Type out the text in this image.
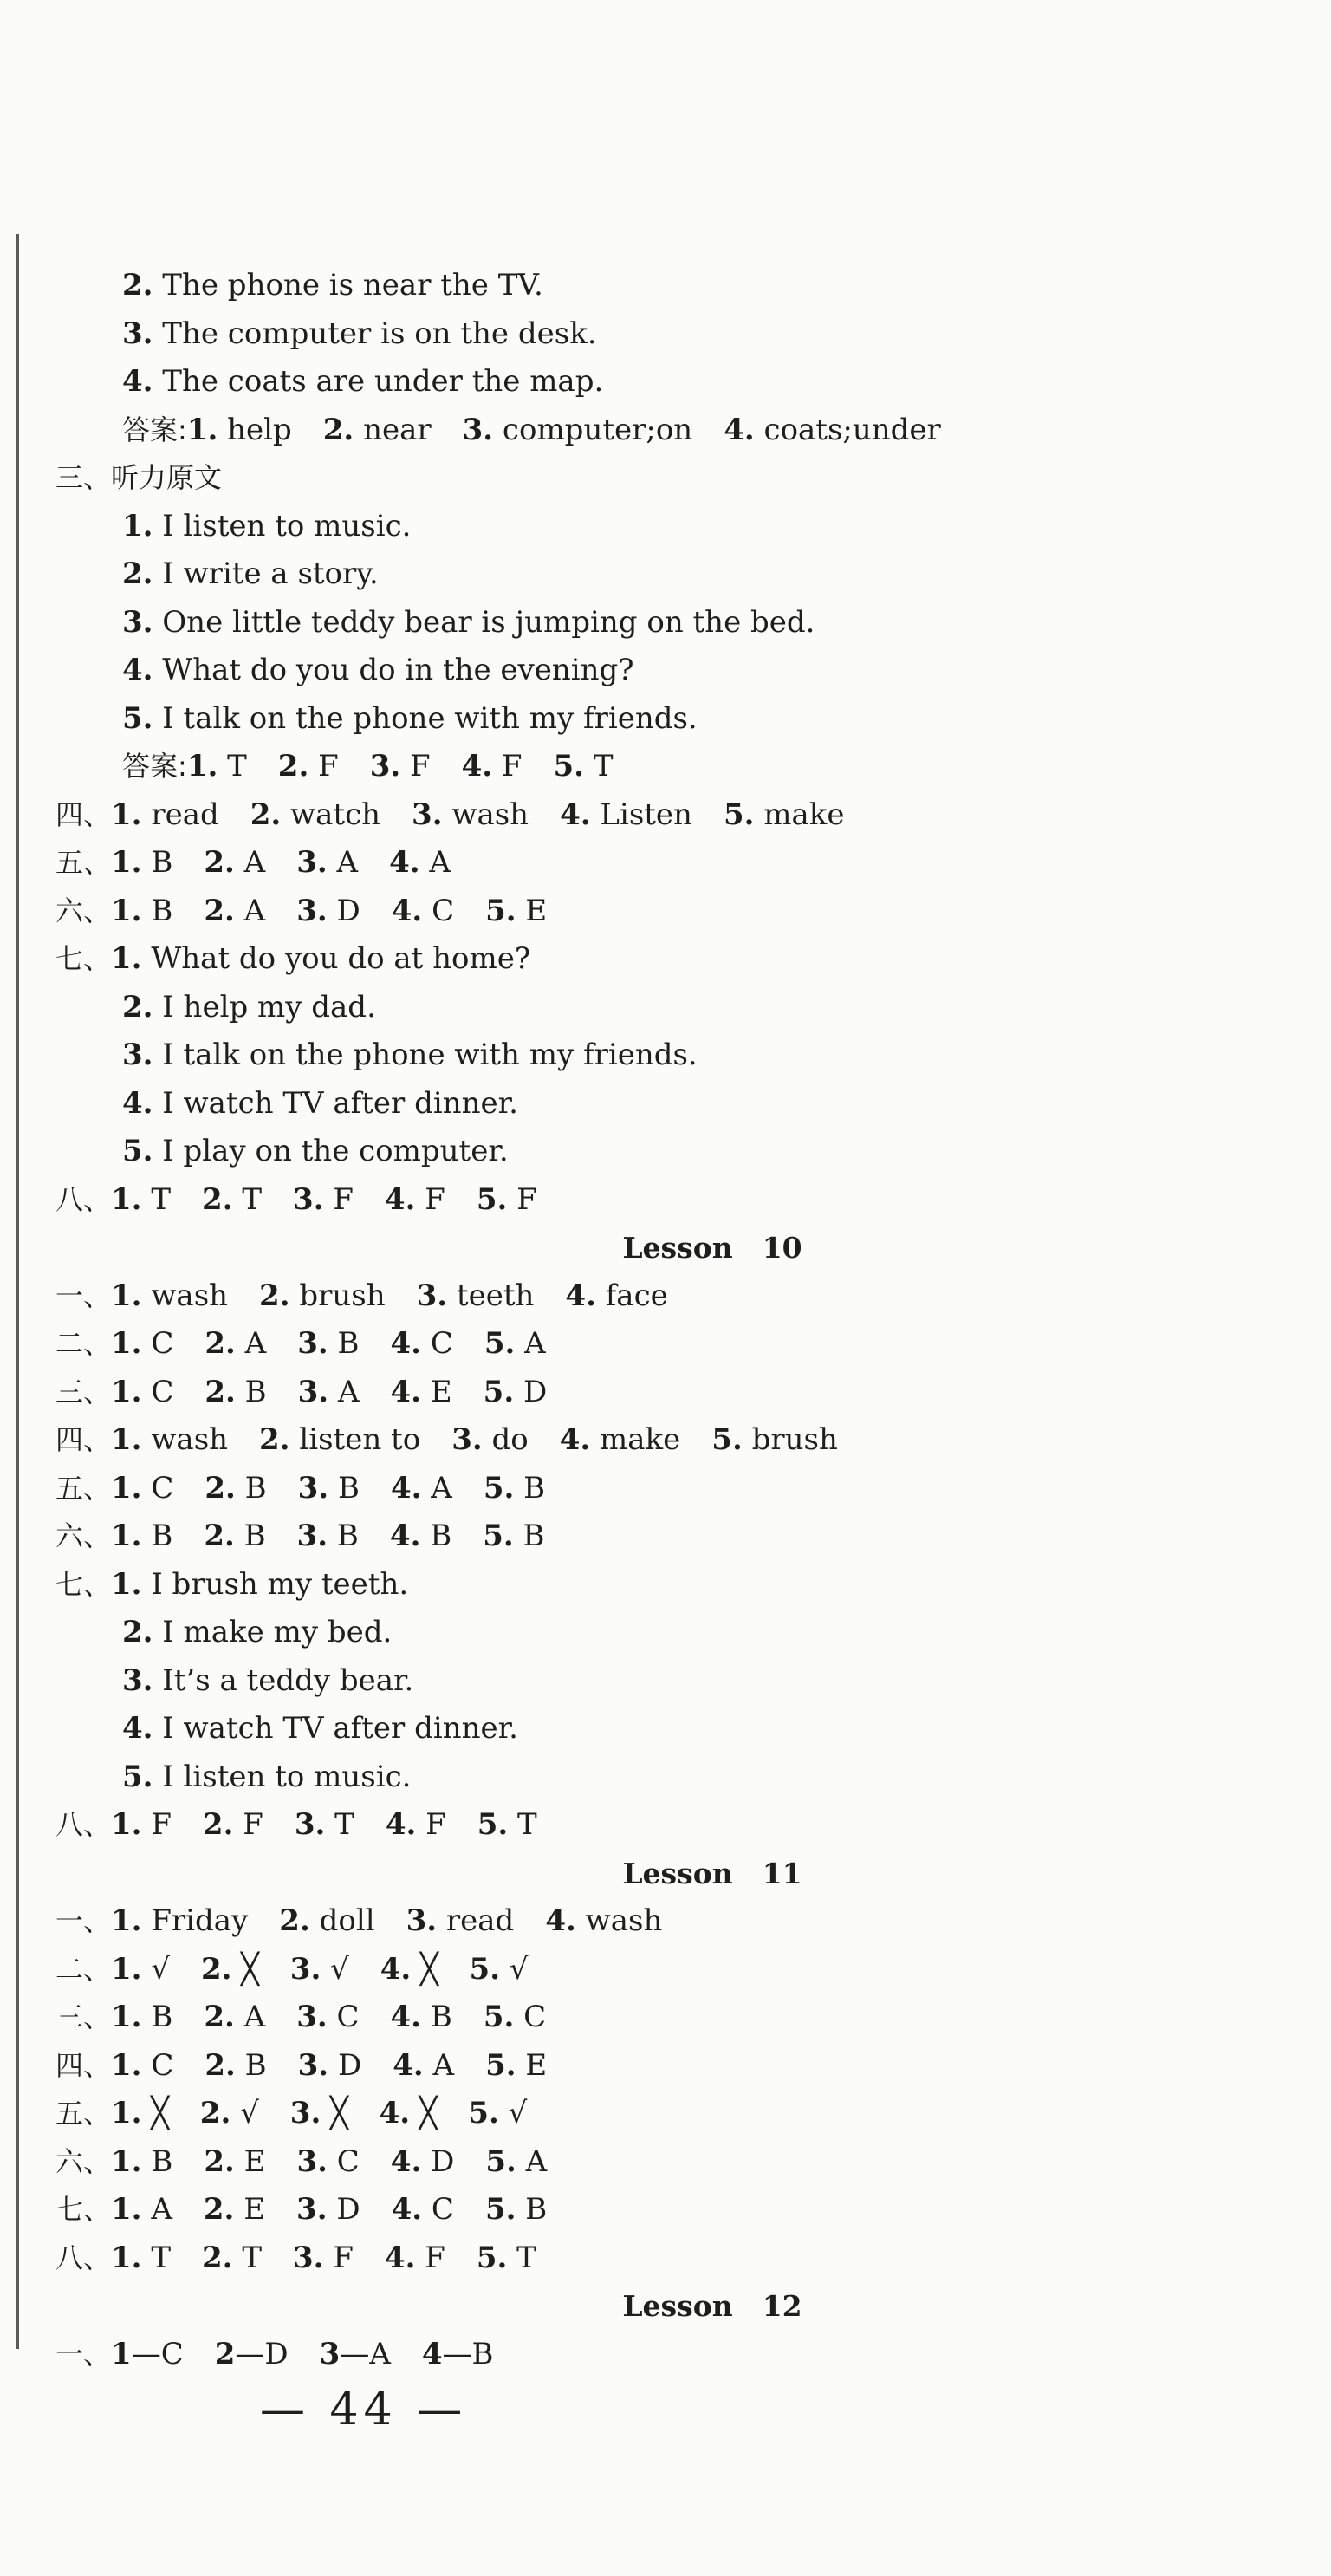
2. The phone is near the TV.
3. The computer is on the desk.
4. The coats are under the map.
答案:1. help 2. near 3. computer;on 4. coats;under
三、听力原文
1. I listen to music.
2. I write a story.
3. One little teddy bear is jumping on the bed.
4. What do you do in the evening?
5. I talk on the phone with my friends.
答案:1. T 2. F 3. F 4. F 5. T
四、1. read 2. watch 3. wash 4. Listen 5. make
五、1. B 2. A 3. A 4. A
六、1. B 2. A 3. D 4. C 5. E
七、1. What do you do at home?
2. I help my dad.
3. I talk on the phone with my friends.
4. I watch TV after dinner.
5. I play on the computer.
八、1. T 2. T 3. F 4. F 5. F
Lesson 10
一、1. wash 2. brush 3. teeth 4. face
二、1. C 2. A 3. B 4. C 5. A
三、1. C 2. B 3. A 4. E 5. D
四、1. wash 2. listen to 3. do 4. make 5. brush
五、1. C 2. B 3. B 4. A 5. B
六、1. B 2. B 3. B 4. B 5. B
七、1. I brush my teeth.
2. I make my bed.
3. It’s a teddy bear.
4. I watch TV after dinner.
5. I listen to music.
八、1. F 2. F 3. T 4. F 5. T
Lesson 11
一、1. Friday 2. doll 3. read 4. wash
二、1. √ 2. ╳ 3. √ 4. ╳ 5. √
三、1. B 2. A 3. C 4. B 5. C
四、1. C 2. B 3. D 4. A 5. E
五、1. ╳ 2. √ 3. ╳ 4. ╳ 5. √
六、1. B 2. E 3. C 4. D 5. A
七、1. A 2. E 3. D 4. C 5. B
八、1. T 2. T 3. F 4. F 5. T
Lesson 12
一、1—C 2—D 3—A 4—B
— 44 —
